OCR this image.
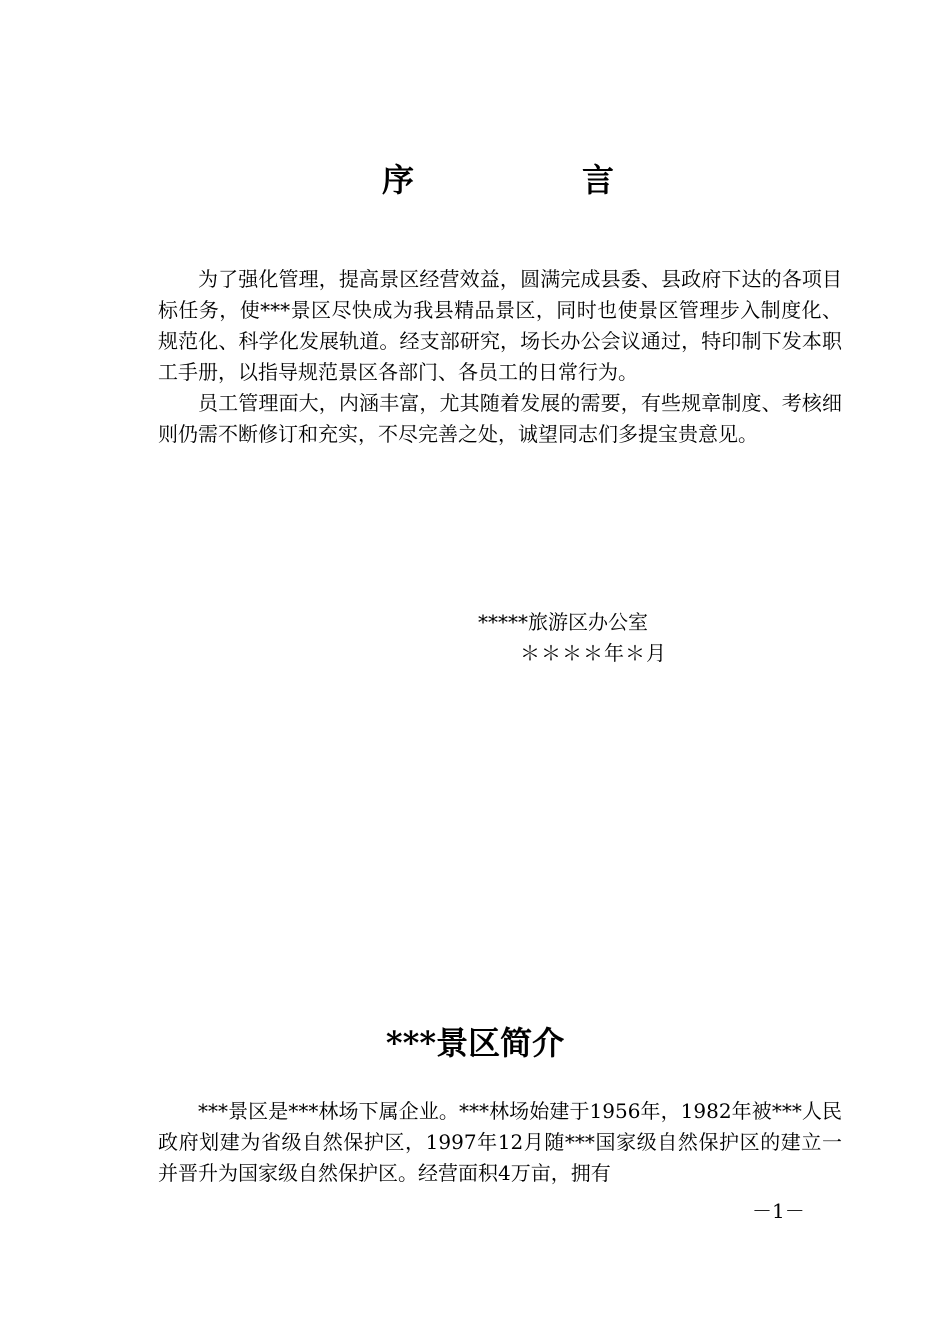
序	言

为了强化管理，提高景区经营效益，圆满完成县委、县政府下达的各项目标任务，使***景区尽快成为我县精品景区，同时也使景区管理步入制度化、规范化、科学化发展轨道。经支部研究，场长办公会议通过，特印制下发本职工手册，以指导规范景区各部门、各员工的日常行为。

员工管理面大，内涵丰富，尤其随着发展的需要，有些规章制度、考核细则仍需不断修订和充实，不尽完善之处，诚望同志们多提宝贵意见。

*****旅游区办公室
＊＊＊＊年＊月
***景区简介

***景区是***林场下属企业。***林场始建于1956年，1982年被***人民政府划建为省级自然保护区，1997年12月随***国家级自然保护区的建立一并晋升为国家级自然保护区。经营面积4万亩，拥有

－1－
